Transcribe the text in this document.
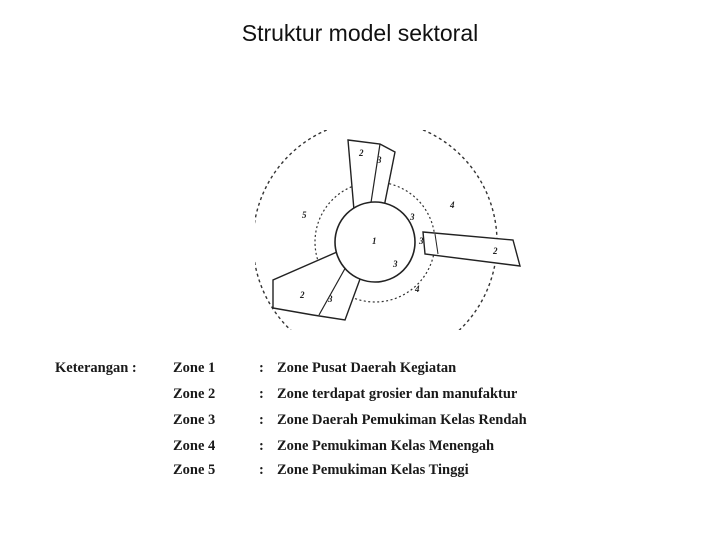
Struktur model sektoral
1
2
3
2
2	3
5
4
4
3
3
3
Keterangan :	Zone 1	: Zone Pusat Daerah Kegiatan
Zone 2	: Zone terdapat grosier dan manufaktur
Zone 3	: Zone Daerah Pemukiman Kelas Rendah
Zone 4	: Zone Pemukiman Kelas Menengah
Zone 5	: Zone Pemukiman Kelas Tinggi
